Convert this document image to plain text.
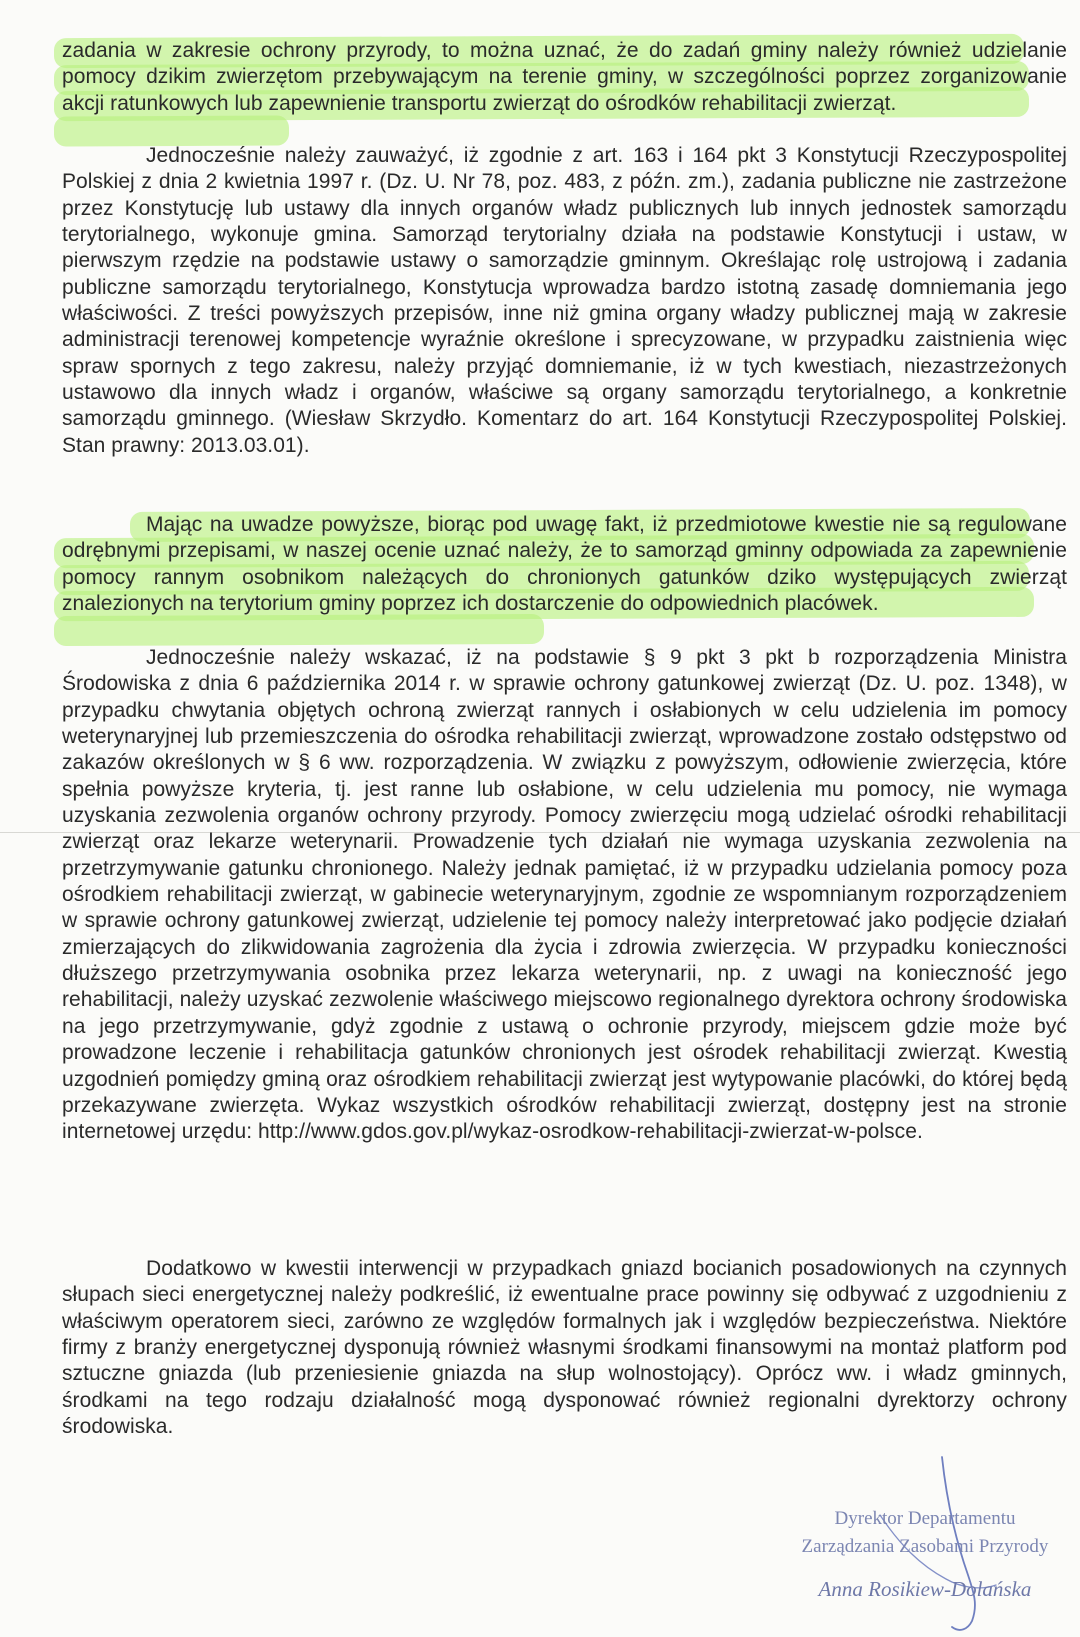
zadania w zakresie ochrony przyrody, to można uznać, że do zadań gminy należy również udzielanie pomocy dzikim zwierzętom przebywającym na terenie gminy, w szczególności poprzez zorganizowanie akcji ratunkowych lub zapewnienie transportu zwierząt do ośrodków rehabilitacji zwierząt.

Jednocześnie należy zauważyć, iż zgodnie z art. 163 i 164 pkt 3 Konstytucji Rzeczypospolitej Polskiej z dnia 2 kwietnia 1997 r. (Dz. U. Nr 78, poz. 483, z późn. zm.), zadania publiczne nie zastrzeżone przez Konstytucję lub ustawy dla innych organów władz publicznych lub innych jednostek samorządu terytorialnego, wykonuje gmina. Samorząd terytorialny działa na podstawie Konstytucji i ustaw, w pierwszym rzędzie na podstawie ustawy o samorządzie gminnym. Określając rolę ustrojową i zadania publiczne samorządu terytorialnego, Konstytucja wprowadza bardzo istotną zasadę domniemania jego właściwości. Z treści powyższych przepisów, inne niż gmina organy władzy publicznej mają w zakresie administracji terenowej kompetencje wyraźnie określone i sprecyzowane, w przypadku zaistnienia więc spraw spornych z tego zakresu, należy przyjąć domniemanie, iż w tych kwestiach, niezastrzeżonych ustawowo dla innych władz i organów, właściwe są organy samorządu terytorialnego, a konkretnie samorządu gminnego. (Wiesław Skrzydło. Komentarz do art. 164 Konstytucji Rzeczypospolitej Polskiej. Stan prawny: 2013.03.01).

Mając na uwadze powyższe, biorąc pod uwagę fakt, iż przedmiotowe kwestie nie są regulowane odrębnymi przepisami, w naszej ocenie uznać należy, że to samorząd gminny odpowiada za zapewnienie pomocy rannym osobnikom należących do chronionych gatunków dziko występujących zwierząt znalezionych na terytorium gminy poprzez ich dostarczenie do odpowiednich placówek.

Jednocześnie należy wskazać, iż na podstawie § 9 pkt 3 pkt b rozporządzenia Ministra Środowiska z dnia 6 października 2014 r. w sprawie ochrony gatunkowej zwierząt (Dz. U. poz. 1348), w przypadku chwytania objętych ochroną zwierząt rannych i osłabionych w celu udzielenia im pomocy weterynaryjnej lub przemieszczenia do ośrodka rehabilitacji zwierząt, wprowadzone zostało odstępstwo od zakazów określonych w § 6 ww. rozporządzenia. W związku z powyższym, odłowienie zwierzęcia, które spełnia powyższe kryteria, tj. jest ranne lub osłabione, w celu udzielenia mu pomocy, nie wymaga uzyskania zezwolenia organów ochrony przyrody. Pomocy zwierzęciu mogą udzielać ośrodki rehabilitacji zwierząt oraz lekarze weterynarii. Prowadzenie tych działań nie wymaga uzyskania zezwolenia na przetrzymywanie gatunku chronionego. Należy jednak pamiętać, iż w przypadku udzielania pomocy poza ośrodkiem rehabilitacji zwierząt, w gabinecie weterynaryjnym, zgodnie ze wspomnianym rozporządzeniem w sprawie ochrony gatunkowej zwierząt, udzielenie tej pomocy należy interpretować jako podjęcie działań zmierzających do zlikwidowania zagrożenia dla życia i zdrowia zwierzęcia. W przypadku konieczności dłuższego przetrzymywania osobnika przez lekarza weterynarii, np. z uwagi na konieczność jego rehabilitacji, należy uzyskać zezwolenie właściwego miejscowo regionalnego dyrektora ochrony środowiska na jego przetrzymywanie, gdyż zgodnie z ustawą o ochronie przyrody, miejscem gdzie może być prowadzone leczenie i rehabilitacja gatunków chronionych jest ośrodek rehabilitacji zwierząt. Kwestią uzgodnień pomiędzy gminą oraz ośrodkiem rehabilitacji zwierząt jest wytypowanie placówki, do której będą przekazywane zwierzęta. Wykaz wszystkich ośrodków rehabilitacji zwierząt, dostępny jest na stronie internetowej urzędu: http://www.gdos.gov.pl/wykaz-osrodkow-rehabilitacji-zwierzat-w-polsce.

Dodatkowo w kwestii interwencji w przypadkach gniazd bocianich posadowionych na czynnych słupach sieci energetycznej należy podkreślić, iż ewentualne prace powinny się odbywać z uzgodnieniu z właściwym operatorem sieci, zarówno ze względów formalnych jak i względów bezpieczeństwa. Niektóre firmy z branży energetycznej dysponują również własnymi środkami finansowymi na montaż platform pod sztuczne gniazda (lub przeniesienie gniazda na słup wolnostojący). Oprócz ww. i władz gminnych, środkami na tego rodzaju działalność mogą dysponować również regionalni dyrektorzy ochrony środowiska.

Dyrektor Departamentu
Zarządzania Zasobami Przyrody
Anna Rosikiew-Dolańska
